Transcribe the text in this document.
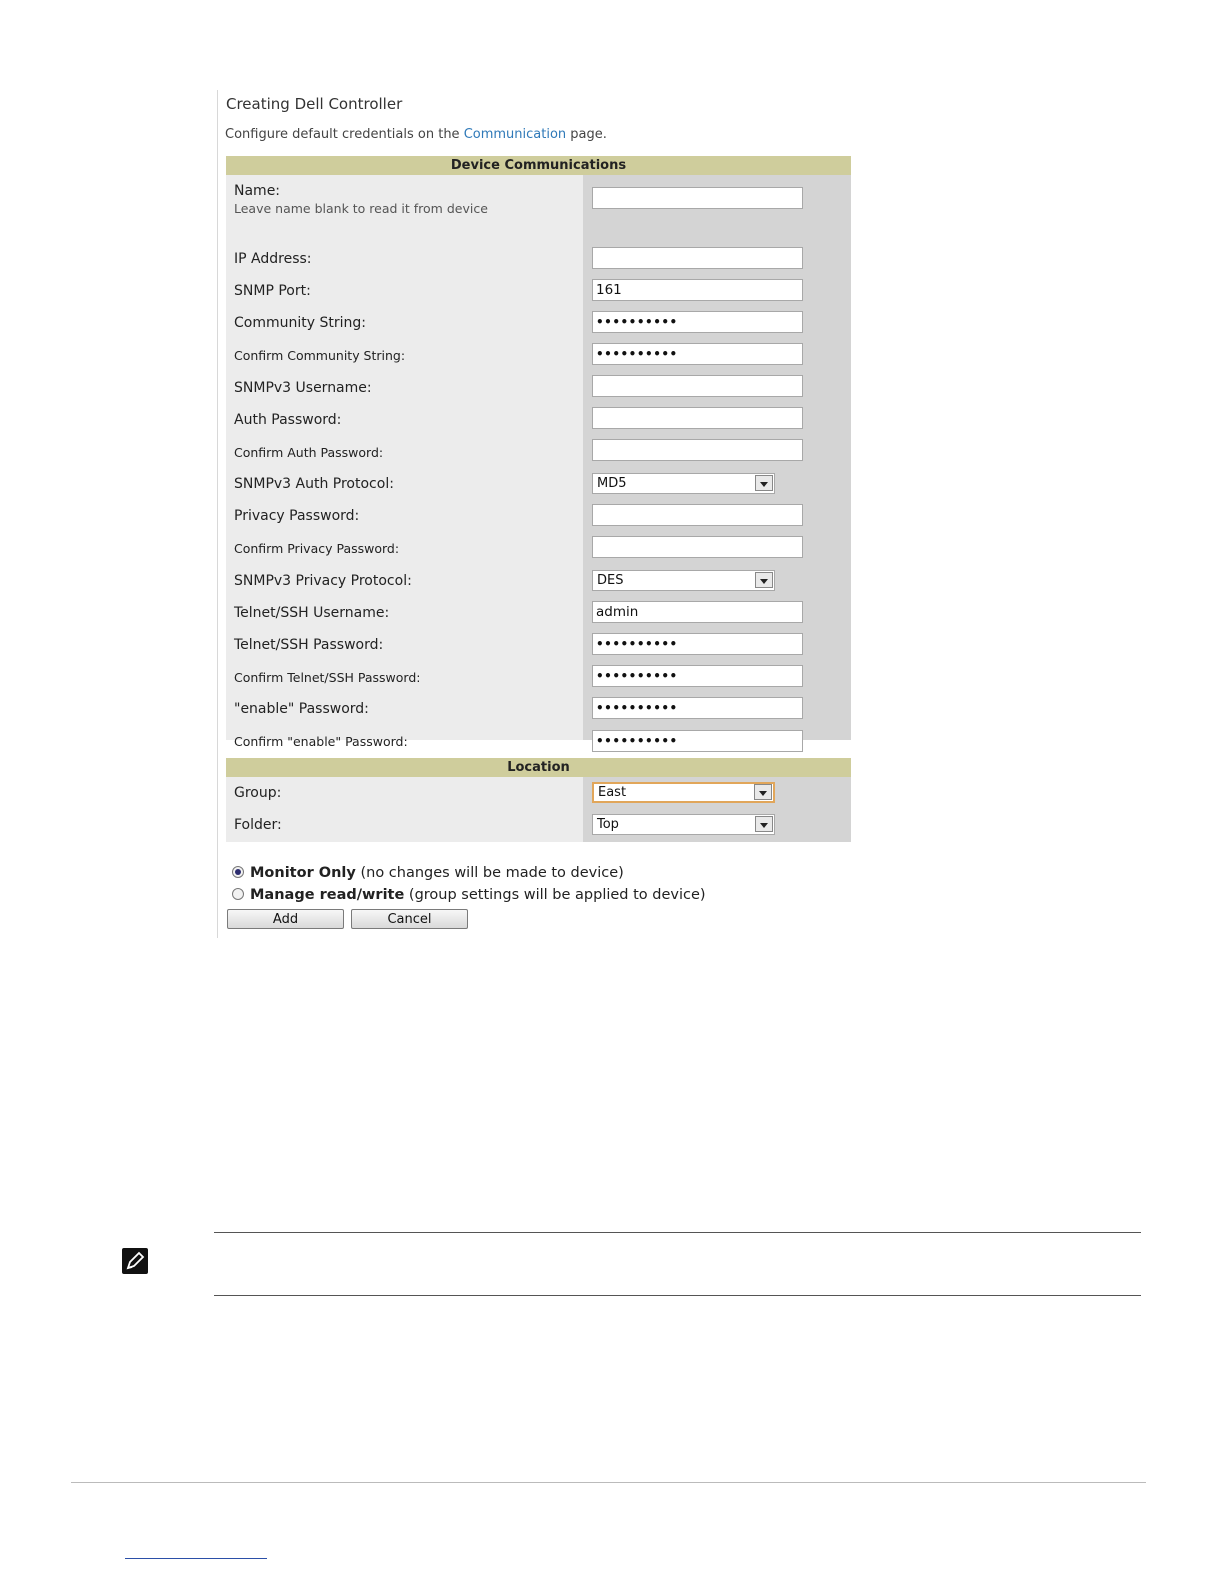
Creating Dell Controller
Configure default credentials on the Communication page.
Device Communications
Name:
Leave name blank to read it from device
IP Address:
SNMP Port:	161
Community String:	••••••••••
Confirm Community String:	••••••••••
SNMPv3 Username:
Auth Password:
Confirm Auth Password:
SNMPv3 Auth Protocol:	MD5
Privacy Password:
Confirm Privacy Password:
SNMPv3 Privacy Protocol:	DES
Telnet/SSH Username:	admin
Telnet/SSH Password:	••••••••••
Confirm Telnet/SSH Password:	••••••••••
"enable" Password:	••••••••••
Confirm "enable" Password:	••••••••••
Location
Group:	East
Folder:	Top
Monitor Only (no changes will be made to device)
Manage read/write (group settings will be applied to device)
Add	Cancel
